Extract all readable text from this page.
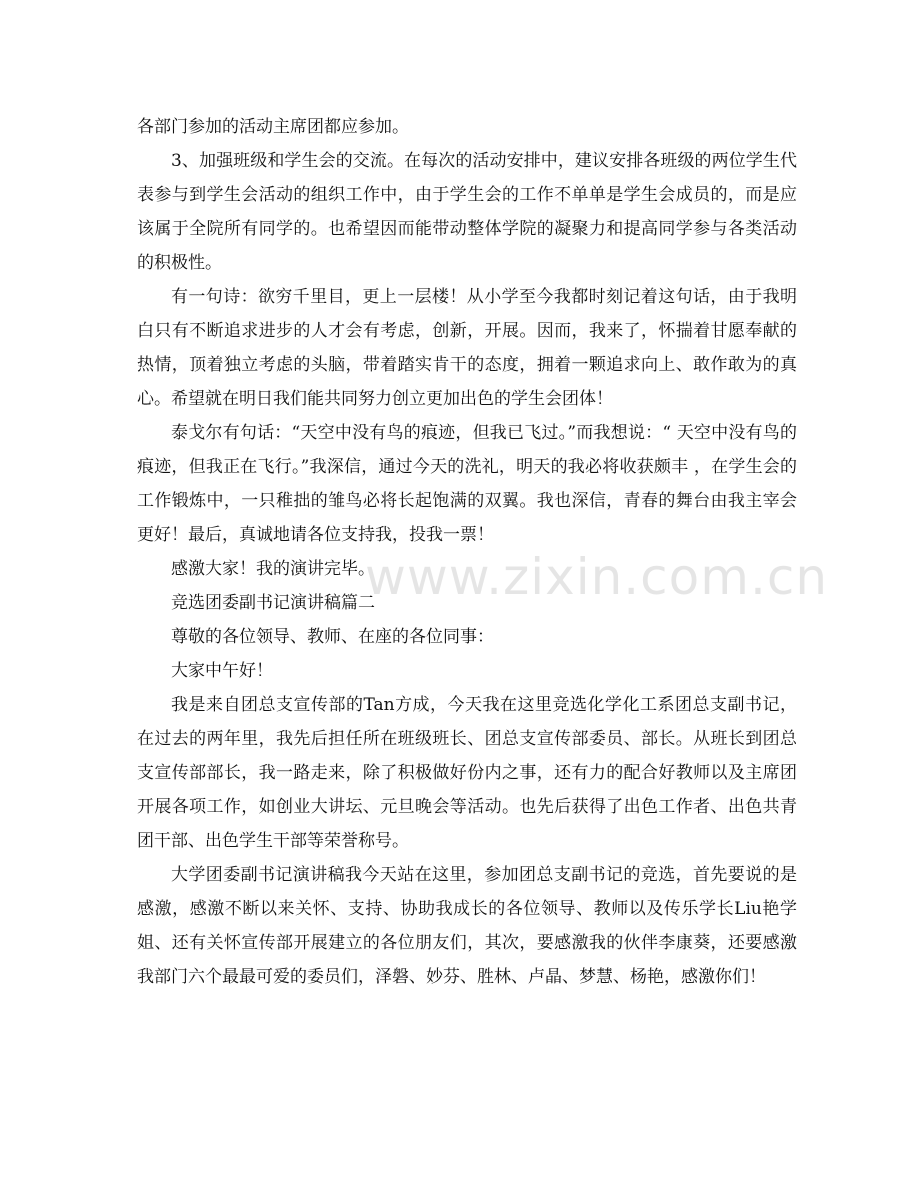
各部门参加的活动主席团都应参加。

3、加强班级和学生会的交流。在每次的活动安排中，建议安排各班级的两位学生代表参与到学生会活动的组织工作中，由于学生会的工作不单单是学生会成员的，而是应该属于全院所有同学的。也希望因而能带动整体学院的凝聚力和提高同学参与各类活动的积极性。

有一句诗：欲穷千里目，更上一层楼！从小学至今我都时刻记着这句话，由于我明白只有不断追求进步的人才会有考虑，创新，开展。因而，我来了，怀揣着甘愿奉献的热情，顶着独立考虑的头脑，带着踏实肯干的态度，拥着一颗追求向上、敢作敢为的真心。希望就在明日我们能共同努力创立更加出色的学生会团体！

泰戈尔有句话：“天空中没有鸟的痕迹，但我已飞过。”而我想说：“ 天空中没有鸟的痕迹，但我正在飞行。”我深信，通过今天的洗礼，明天的我必将收获颇丰 ，在学生会的工作锻炼中，一只稚拙的雏鸟必将长起饱满的双翼。我也深信，青春的舞台由我主宰会更好！最后，真诚地请各位支持我，投我一票！

感激大家！我的演讲完毕。

竞选团委副书记演讲稿篇二

尊敬的各位领导、教师、在座的各位同事：

大家中午好！

我是来自团总支宣传部的Tan方成，今天我在这里竞选化学化工系团总支副书记，在过去的两年里，我先后担任所在班级班长、团总支宣传部委员、部长。从班长到团总支宣传部部长，我一路走来，除了积极做好份内之事，还有力的配合好教师以及主席团开展各项工作，如创业大讲坛、元旦晚会等活动。也先后获得了出色工作者、出色共青团干部、出色学生干部等荣誉称号。

大学团委副书记演讲稿我今天站在这里，参加团总支副书记的竞选，首先要说的是感激，感激不断以来关怀、支持、协助我成长的各位领导、教师以及传乐学长Liu艳学姐、还有关怀宣传部开展建立的各位朋友们，其次，要感激我的伙伴李康葵，还要感激我部门六个最最可爱的委员们，泽磐、妙芬、胜林、卢晶、梦慧、杨艳，感激你们！

www.zixin.com.cn
